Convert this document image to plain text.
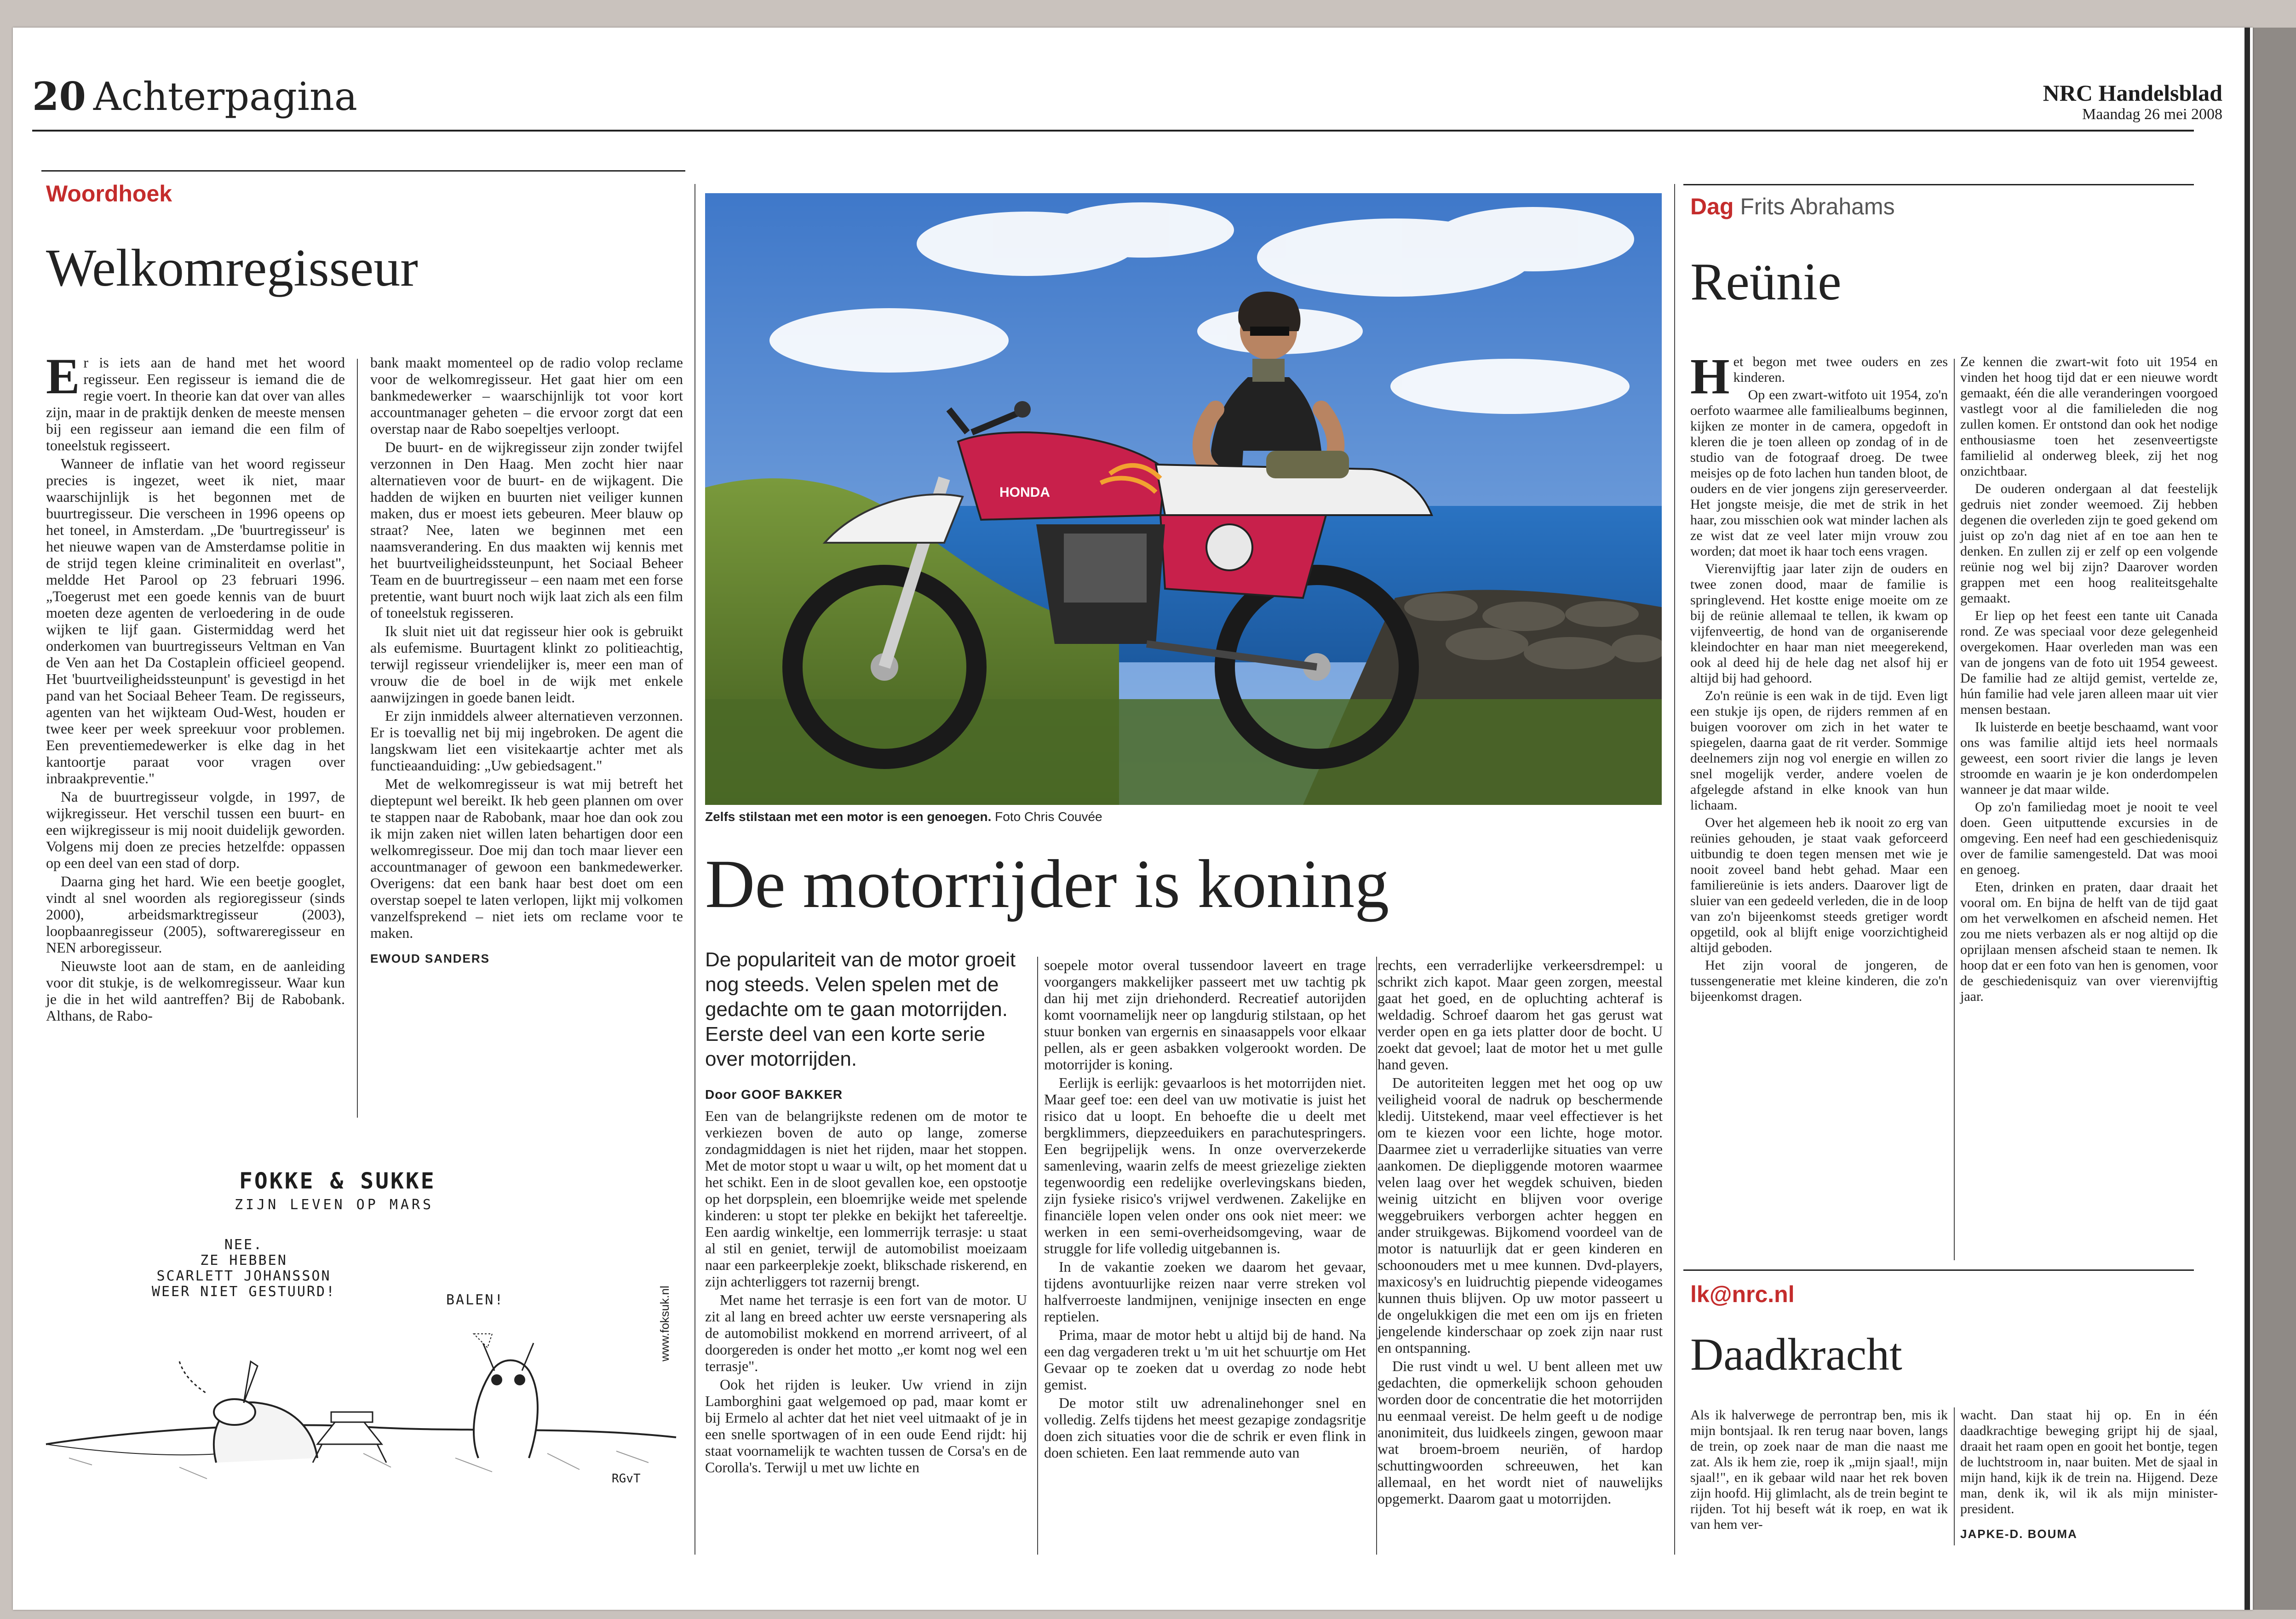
20 Achterpagina	NRC Handelsblad
Maandag 26 mei 2008
Woordhoek
Welkomregisseur

Er is iets aan de hand met het woord regisseur. Een regisseur is iemand die de regie voert. In theorie kan dat over van alles zijn, maar in de praktijk denken de meeste mensen bij een regisseur aan iemand die een film of toneelstuk regisseert.

Wanneer de inflatie van het woord regisseur precies is ingezet, weet ik niet, maar waarschijnlijk is het begonnen met de buurtregisseur. Die verscheen in 1996 opeens op het toneel, in Amsterdam. „De 'buurtregisseur' is het nieuwe wapen van de Amsterdamse politie in de strijd tegen kleine criminaliteit en overlast", meldde Het Parool op 23 februari 1996. „Toegerust met een goede kennis van de buurt moeten deze agenten de verloedering in de oude wijken te lijf gaan. Gistermiddag werd het onderkomen van buurtregisseurs Veltman en Van de Ven aan het Da Costaplein officieel geopend. Het 'buurtveiligheidssteunpunt' is gevestigd in het pand van het Sociaal Beheer Team. De regisseurs, agenten van het wijkteam Oud-West, houden er twee keer per week spreekuur voor problemen. Een preventiemedewerker is elke dag in het kantoortje paraat voor vragen over inbraakpreventie."

Na de buurtregisseur volgde, in 1997, de wijkregisseur. Het verschil tussen een buurt- en een wijkregisseur is mij nooit duidelijk geworden. Volgens mij doen ze precies hetzelfde: oppassen op een deel van een stad of dorp.

Daarna ging het hard. Wie een beetje googlet, vindt al snel woorden als regioregisseur (sinds 2000), arbeidsmarktregisseur (2003), loopbaanregisseur (2005), softwareregisseur en NEN arboregisseur.

Nieuwste loot aan de stam, en de aanleiding voor dit stukje, is de welkomregisseur. Waar kun je die in het wild aantreffen? Bij de Rabobank. Althans, de Rabo-

bank maakt momenteel op de radio volop reclame voor de welkomregisseur. Het gaat hier om een bankmedewerker – waarschijnlijk tot voor kort accountmanager geheten – die ervoor zorgt dat een overstap naar de Rabo soepeltjes verloopt.

De buurt- en de wijkregisseur zijn zonder twijfel verzonnen in Den Haag. Men zocht hier naar alternatieven voor de buurt- en de wijkagent. Die hadden de wijken en buurten niet veiliger kunnen maken, dus er moest iets gebeuren. Meer blauw op straat? Nee, laten we beginnen met een naamsverandering. En dus maakten wij kennis met het buurtveiligheidssteunpunt, het Sociaal Beheer Team en de buurtregisseur – een naam met een forse pretentie, want buurt noch wijk laat zich als een film of toneelstuk regisseren.

Ik sluit niet uit dat regisseur hier ook is gebruikt als eufemisme. Buurtagent klinkt zo politieachtig, terwijl regisseur vriendelijker is, meer een man of vrouw die de boel in de wijk met enkele aanwijzingen in goede banen leidt.

Er zijn inmiddels alweer alternatieven verzonnen. Er is toevallig net bij mij ingebroken. De agent die langskwam liet een visitekaartje achter met als functieaanduiding: „Uw gebiedsagent."

Met de welkomregisseur is wat mij betreft het dieptepunt wel bereikt. Ik heb geen plannen om over te stappen naar de Rabobank, maar hoe dan ook zou ik mijn zaken niet willen laten behartigen door een welkomregisseur. Doe mij dan toch maar liever een accountmanager of gewoon een bankmedewerker. Overigens: dat een bank haar best doet om een overstap soepel te laten verlopen, lijkt mij volkomen vanzelfsprekend – niet iets om reclame voor te maken.

EWOUD SANDERS
FOKKE & SUKKE
ZIJN LEVEN OP MARS
NEE.
ZE HEBBEN
SCARLETT JOHANSSON
WEER NIET GESTUURD!
BALEN!	www.foksuk.nl
RGvT
HONDA
Zelfs stilstaan met een motor is een genoegen. Foto Chris Couvée
De motorrijder is koning
De populariteit van de motor groeit nog steeds. Velen spelen met de gedachte om te gaan motorrijden. Eerste deel van een korte serie over motorrijden.
Door GOOF BAKKER

Een van de belangrijkste redenen om de motor te verkiezen boven de auto op lange, zomerse zondagmiddagen is niet het rijden, maar het stoppen. Met de motor stopt u waar u wilt, op het moment dat u het schikt. Een in de sloot gevallen koe, een opstootje op het dorpsplein, een bloemrijke weide met spelende kinderen: u stopt ter plekke en bekijkt het tafereeltje. Een aardig winkeltje, een lommerrijk terrasje: u staat al stil en geniet, terwijl de automobilist moeizaam naar een parkeerplekje zoekt, blikschade riskerend, en zijn achterliggers tot razernij brengt.

Met name het terrasje is een fort van de motor. U zit al lang en breed achter uw eerste versnapering als de automobilist mokkend en morrend arriveert, of al doorgereden is onder het motto „er komt nog wel een terrasje".

Ook het rijden is leuker. Uw vriend in zijn Lamborghini gaat welgemoed op pad, maar komt er bij Ermelo al achter dat het niet veel uitmaakt of je in een snelle sportwagen of in een oude Eend rijdt: hij staat voornamelijk te wachten tussen de Corsa's en de Corolla's. Terwijl u met uw lichte en

soepele motor overal tussendoor laveert en trage voorgangers makkelijker passeert met uw tachtig pk dan hij met zijn driehonderd. Recreatief autorijden komt voornamelijk neer op langdurig stilstaan, op het stuur bonken van ergernis en sinaasappels voor elkaar pellen, als er geen asbakken volgerookt worden. De motorrijder is koning.

Eerlijk is eerlijk: gevaarloos is het motorrijden niet. Maar geef toe: een deel van uw motivatie is juist het risico dat u loopt. En behoefte die u deelt met bergklimmers, diepzeeduikers en parachutespringers. Een begrijpelijk wens. In onze oververzekerde samenleving, waarin zelfs de meest griezelige ziekten tegenwoordig een redelijke overlevingskans bieden, zijn fysieke risico's vrijwel verdwenen. Zakelijke en financiële lopen velen onder ons ook niet meer: we werken in een semi-overheidsomgeving, waar de struggle for life volledig uitgebannen is.

In de vakantie zoeken we daarom het gevaar, tijdens avontuurlijke reizen naar verre streken vol halfverroeste landmijnen, venijnige insecten en enge reptielen.

Prima, maar de motor hebt u altijd bij de hand. Na een dag vergaderen trekt u 'm uit het schuurtje om Het Gevaar op te zoeken dat u overdag zo node hebt gemist.

De motor stilt uw adrenalinehonger snel en volledig. Zelfs tijdens het meest gezapige zondagsritje doen zich situaties voor die de schrik er even flink in doen schieten. Een laat remmende auto van

rechts, een verraderlijke verkeersdrempel: u schrikt zich kapot. Maar geen zorgen, meestal gaat het goed, en de opluchting achteraf is weldadig. Schroef daarom het gas gerust wat verder open en ga iets platter door de bocht. U zoekt dat gevoel; laat de motor het u met gulle hand geven.

De autoriteiten leggen met het oog op uw veiligheid vooral de nadruk op beschermende kledij. Uitstekend, maar veel effectiever is het om te kiezen voor een lichte, hoge motor. Daarmee ziet u verraderlijke situaties van verre aankomen. De diepliggende motoren waarmee velen laag over het wegdek schuiven, bieden weinig uitzicht en blijven voor overige weggebruikers verborgen achter heggen en ander struikgewas. Bijkomend voordeel van de motor is natuurlijk dat er geen kinderen en schoonouders met u mee kunnen. Dvd-players, maxicosy's en luidruchtig piepende videogames kunnen thuis blijven. Op uw motor passeert u de ongelukkigen die met een om ijs en frieten jengelende kinderschaar op zoek zijn naar rust en ontspanning.

Die rust vindt u wel. U bent alleen met uw gedachten, die opmerkelijk schoon gehouden worden door de concentratie die het motorrijden nu eenmaal vereist. De helm geeft u de nodige anonimiteit, dus luidkeels zingen, gewoon maar wat broem-broem neuriën, of hardop schuttingwoorden schreeuwen, het kan allemaal, en het wordt niet of nauwelijks opgemerkt. Daarom gaat u motorrijden.

Dag Frits Abrahams
Reünie

Het begon met twee ouders en zes kinderen.

Op een zwart-witfoto uit 1954, zo'n oerfoto waarmee alle familiealbums beginnen, kijken ze monter in de camera, opgedoft in kleren die je toen alleen op zondag of in de studio van de fotograaf droeg. De twee meisjes op de foto lachen hun tanden bloot, de ouders en de vier jongens zijn gereserveerder. Het jongste meisje, die met de strik in het haar, zou misschien ook wat minder lachen als ze wist dat ze veel later mijn vrouw zou worden; dat moet ik haar toch eens vragen.

Vierenvijftig jaar later zijn de ouders en twee zonen dood, maar de familie is springlevend. Het kostte enige moeite om ze bij de reünie allemaal te tellen, ik kwam op vijfenveertig, de hond van de organiserende kleindochter en haar man niet meegerekend, ook al deed hij de hele dag net alsof hij er altijd bij had gehoord.

Zo'n reünie is een wak in de tijd. Even ligt een stukje ijs open, de rijders remmen af en buigen voorover om zich in het water te spiegelen, daarna gaat de rit verder. Sommige deelnemers zijn nog vol energie en willen zo snel mogelijk verder, andere voelen de afgelegde afstand in elke knook van hun lichaam.

Over het algemeen heb ik nooit zo erg van reünies gehouden, je staat vaak geforceerd uitbundig te doen tegen mensen met wie je nooit zoveel band hebt gehad. Maar een familiereünie is iets anders. Daarover ligt de sluier van een gedeeld verleden, die in de loop van zo'n bijeenkomst steeds gretiger wordt opgetild, ook al blijft enige voorzichtigheid altijd geboden.

Het zijn vooral de jongeren, de tussengeneratie met kleine kinderen, die zo'n bijeenkomst dragen.

Ze kennen die zwart-wit foto uit 1954 en vinden het hoog tijd dat er een nieuwe wordt gemaakt, één die alle veranderingen voorgoed vastlegt voor al die familieleden die nog zullen komen. Er ontstond dan ook het nodige enthousiasme toen het zesenveertigste familielid al onderweg bleek, zij het nog onzichtbaar.

De ouderen ondergaan al dat feestelijk gedruis niet zonder weemoed. Zij hebben degenen die overleden zijn te goed gekend om juist op zo'n dag niet af en toe aan hen te denken. En zullen zij er zelf op een volgende reünie nog wel bij zijn? Daarover worden grappen met een hoog realiteitsgehalte gemaakt.

Er liep op het feest een tante uit Canada rond. Ze was speciaal voor deze gelegenheid overgekomen. Haar overleden man was een van de jongens van de foto uit 1954 geweest. De familie had ze altijd gemist, vertelde ze, hún familie had vele jaren alleen maar uit vier mensen bestaan.

Ik luisterde en beetje beschaamd, want voor ons was familie altijd iets heel normaals geweest, een soort rivier die langs je leven stroomde en waarin je je kon onderdompelen wanneer je dat maar wilde.

Op zo'n familiedag moet je nooit te veel doen. Geen uitputtende excursies in de omgeving. Een neef had een geschiedenisquiz over de familie samengesteld. Dat was mooi en genoeg.

Eten, drinken en praten, daar draait het vooral om. En bijna de helft van de tijd gaat om het verwelkomen en afscheid nemen. Het zou me niets verbazen als er nog altijd op die oprijlaan mensen afscheid staan te nemen. Ik hoop dat er een foto van hen is genomen, voor de geschiedenisquiz van over vierenvijftig jaar.

lk@nrc.nl
Daadkracht

Als ik halverwege de perrontrap ben, mis ik mijn bontsjaal. Ik ren terug naar boven, langs de trein, op zoek naar de man die naast me zat. Als ik hem zie, roep ik „mijn sjaal!, mijn sjaal!", en ik gebaar wild naar het rek boven zijn hoofd. Hij glimlacht, als de trein begint te rijden. Tot hij beseft wát ik roep, en wat ik van hem ver-

wacht. Dan staat hij op. En in één daadkrachtige beweging grijpt hij de sjaal, draait het raam open en gooit het bontje, tegen de luchtstroom in, naar buiten. Met de sjaal in mijn hand, kijk ik de trein na. Hijgend. Deze man, denk ik, wil ik als mijn minister-president.

JAPKE-D. BOUMA
